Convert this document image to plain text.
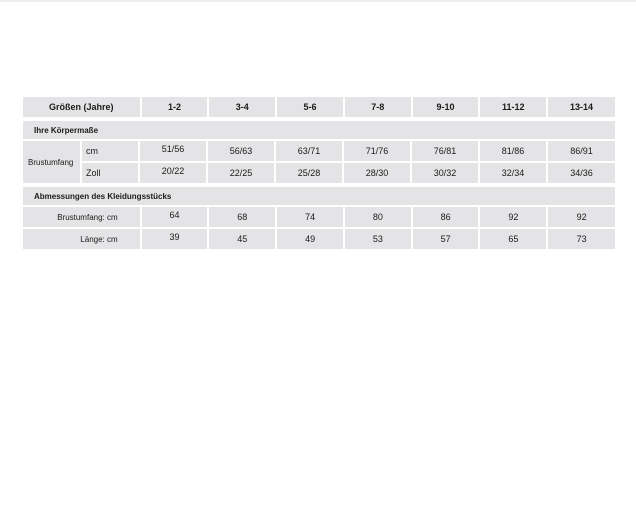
Größen (Jahre)	1-2	3-4	5-6	7-8	9-10	11-12	13-14
Ihre Körpermaße
Brustumfang
cm	51/56	56/63	63/71	71/76	76/81	81/86	86/91
Zoll	20/22	22/25	25/28	28/30	30/32	32/34	34/36
Abmessungen des Kleidungsstücks
Brustumfang: cm	64	68	74	80	86	92	92
Länge: cm	39	45	49	53	57	65	73
